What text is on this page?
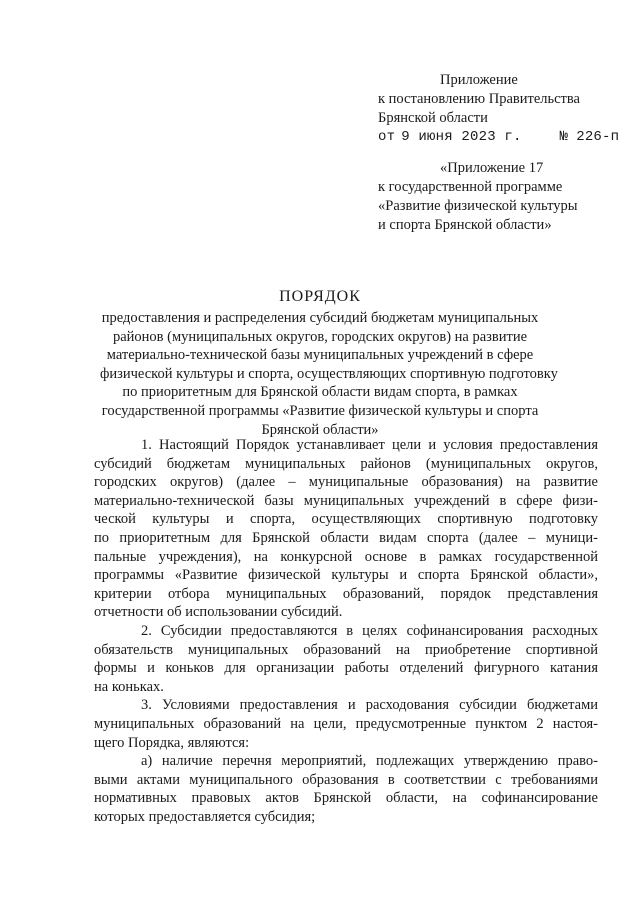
Приложение
к постановлению Правительства
Брянской области
от 9 июня 2023 г.	№ 226-п
«Приложение 17
к государственной программе
«Развитие физической культуры
и спорта Брянской области»
ПОРЯДОК
предоставления и распределения субсидий бюджетам муниципальных
районов (муниципальных округов, городских округов) на развитие
материально-технической базы муниципальных учреждений в сфере
физической культуры и спорта, осуществляющих спортивную подготовку
по приоритетным для Брянской области видам спорта, в рамках
государственной программы «Развитие физической культуры и спорта
Брянской области»
1. Настоящий Порядок устанавливает цели и условия предоставления
субсидий бюджетам муниципальных районов (муниципальных округов,
городских округов) (далее – муниципальные образования) на развитие
материально-технической базы муниципальных учреждений в сфере физи-
ческой культуры и спорта, осуществляющих спортивную подготовку
по приоритетным для Брянской области видам спорта (далее – муници-
пальные учреждения), на конкурсной основе в рамках государственной
программы «Развитие физической культуры и спорта Брянской области»,
критерии отбора муниципальных образований, порядок представления
отчетности об использовании субсидий.
2. Субсидии предоставляются в целях софинансирования расходных
обязательств муниципальных образований на приобретение спортивной
формы и коньков для организации работы отделений фигурного катания
на коньках.
3. Условиями предоставления и расходования субсидии бюджетами
муниципальных образований на цели, предусмотренные пунктом 2 настоя-
щего Порядка, являются:
а) наличие перечня мероприятий, подлежащих утверждению право-
выми актами муниципального образования в соответствии с требованиями
нормативных правовых актов Брянской области, на софинансирование
которых предоставляется субсидия;
